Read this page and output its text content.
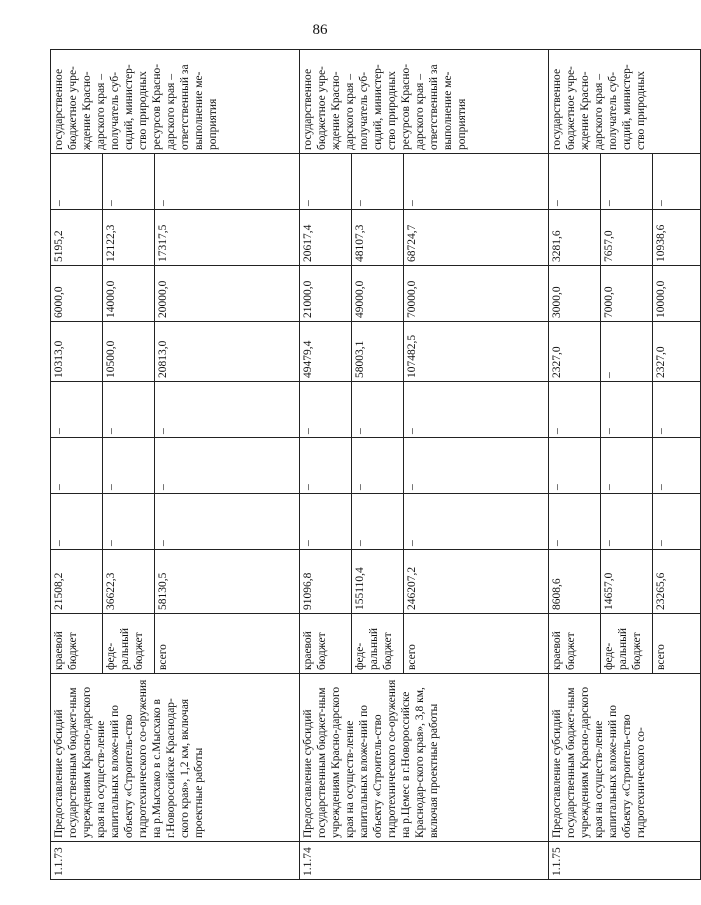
86
1.1.73	Предоставление субсидий государственным бюджет-ным учреждениям Красно-дарского края на осуществ-ление капитальных вложе-ний по объекту «Строитель-ство гидротехнического со-оружения на р.Мысхако в с.Мысхако в г.Новороссийске Краснодар-ского края», 1,2 км, включая проектные работы	краевой бюджет	21508,2	–	–	–	10313,0	6000,0	5195,2	–	государственное бюджетное учре-ждение Красно-дарского края – получатель суб-сидий, министер-ство природных ресурсов Красно-дарского края – ответственный за выполнение ме-роприятия
		феде-ральный бюджет	36622,3	–	–	–	10500,0	14000,0	12122,3	–	
		всего	58130,5	–	–	–	20813,0	20000,0	17317,5	–	
1.1.74	Предоставление субсидий государственным бюджет-ным учреждениям Красно-дарского края на осуществ-ление капитальных вложе-ний по объекту «Строитель-ство гидротехнического со-оружения на р.Цемес в г.Новороссийске Краснодар-ского края», 3,8 км, включая проектные работы	краевой бюджет	91096,8	–	–	–	49479,4	21000,0	20617,4	–	государственное бюджетное учре-ждение Красно-дарского края – получатель суб-сидий, министер-ство природных ресурсов Красно-дарского края – ответственный за выполнение ме-роприятия
		феде-ральный бюджет	155110,4	–	–	–	58003,1	49000,0	48107,3	–	
		всего	246207,2	–	–	–	107482,5	70000,0	68724,7	–	
1.1.75	Предоставление субсидий государственным бюджет-ным учреждениям Красно-дарского края на осуществ-ление капитальных вложе-ний по объекту «Строитель-ство гидротехнического со-	краевой бюджет	8608,6	–	–	–	2327,0	3000,0	3281,6	–	государственное бюджетное учре-ждение Красно-дарского края – получатель суб-сидий, министер-ство природных
		феде-ральный бюджет	14657,0	–	–	–	–	7000,0	7657,0	–	
		всего	23265,6	–	–	–	2327,0	10000,0	10938,6	–	
